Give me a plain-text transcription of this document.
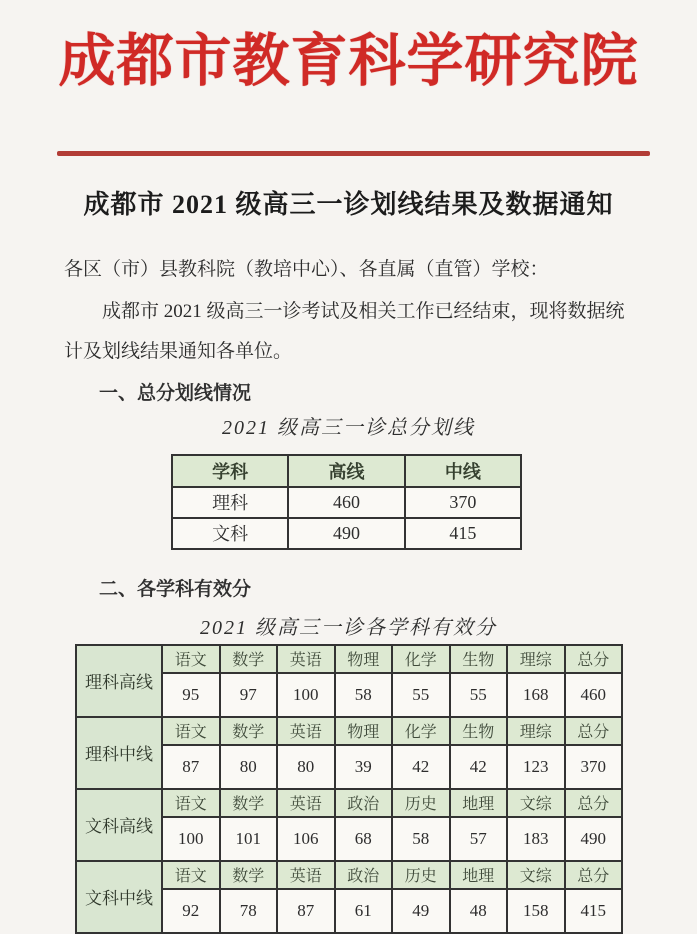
成都市教育科学研究院
成都市 2021 级高三一诊划线结果及数据通知

各区（市）县教科院（教培中心）、各直属（直管）学校：

成都市 2021 级高三一诊考试及相关工作已经结束，现将数据统计及划线结果通知各单位。

一、总分划线情况
2021 级高三一诊总分划线
学科	高线	中线
理科	460	370
文科	490	415
二、各学科有效分
2021 级高三一诊各学科有效分
理科高线	语文	数学	英语	物理	化学	生物	理综	总分
	95	97	100	58	55	55	168	460
理科中线	语文	数学	英语	物理	化学	生物	理综	总分
	87	80	80	39	42	42	123	370
文科高线	语文	数学	英语	政治	历史	地理	文综	总分
	100	101	106	68	58	57	183	490
文科中线	语文	数学	英语	政治	历史	地理	文综	总分
	92	78	87	61	49	48	158	415
